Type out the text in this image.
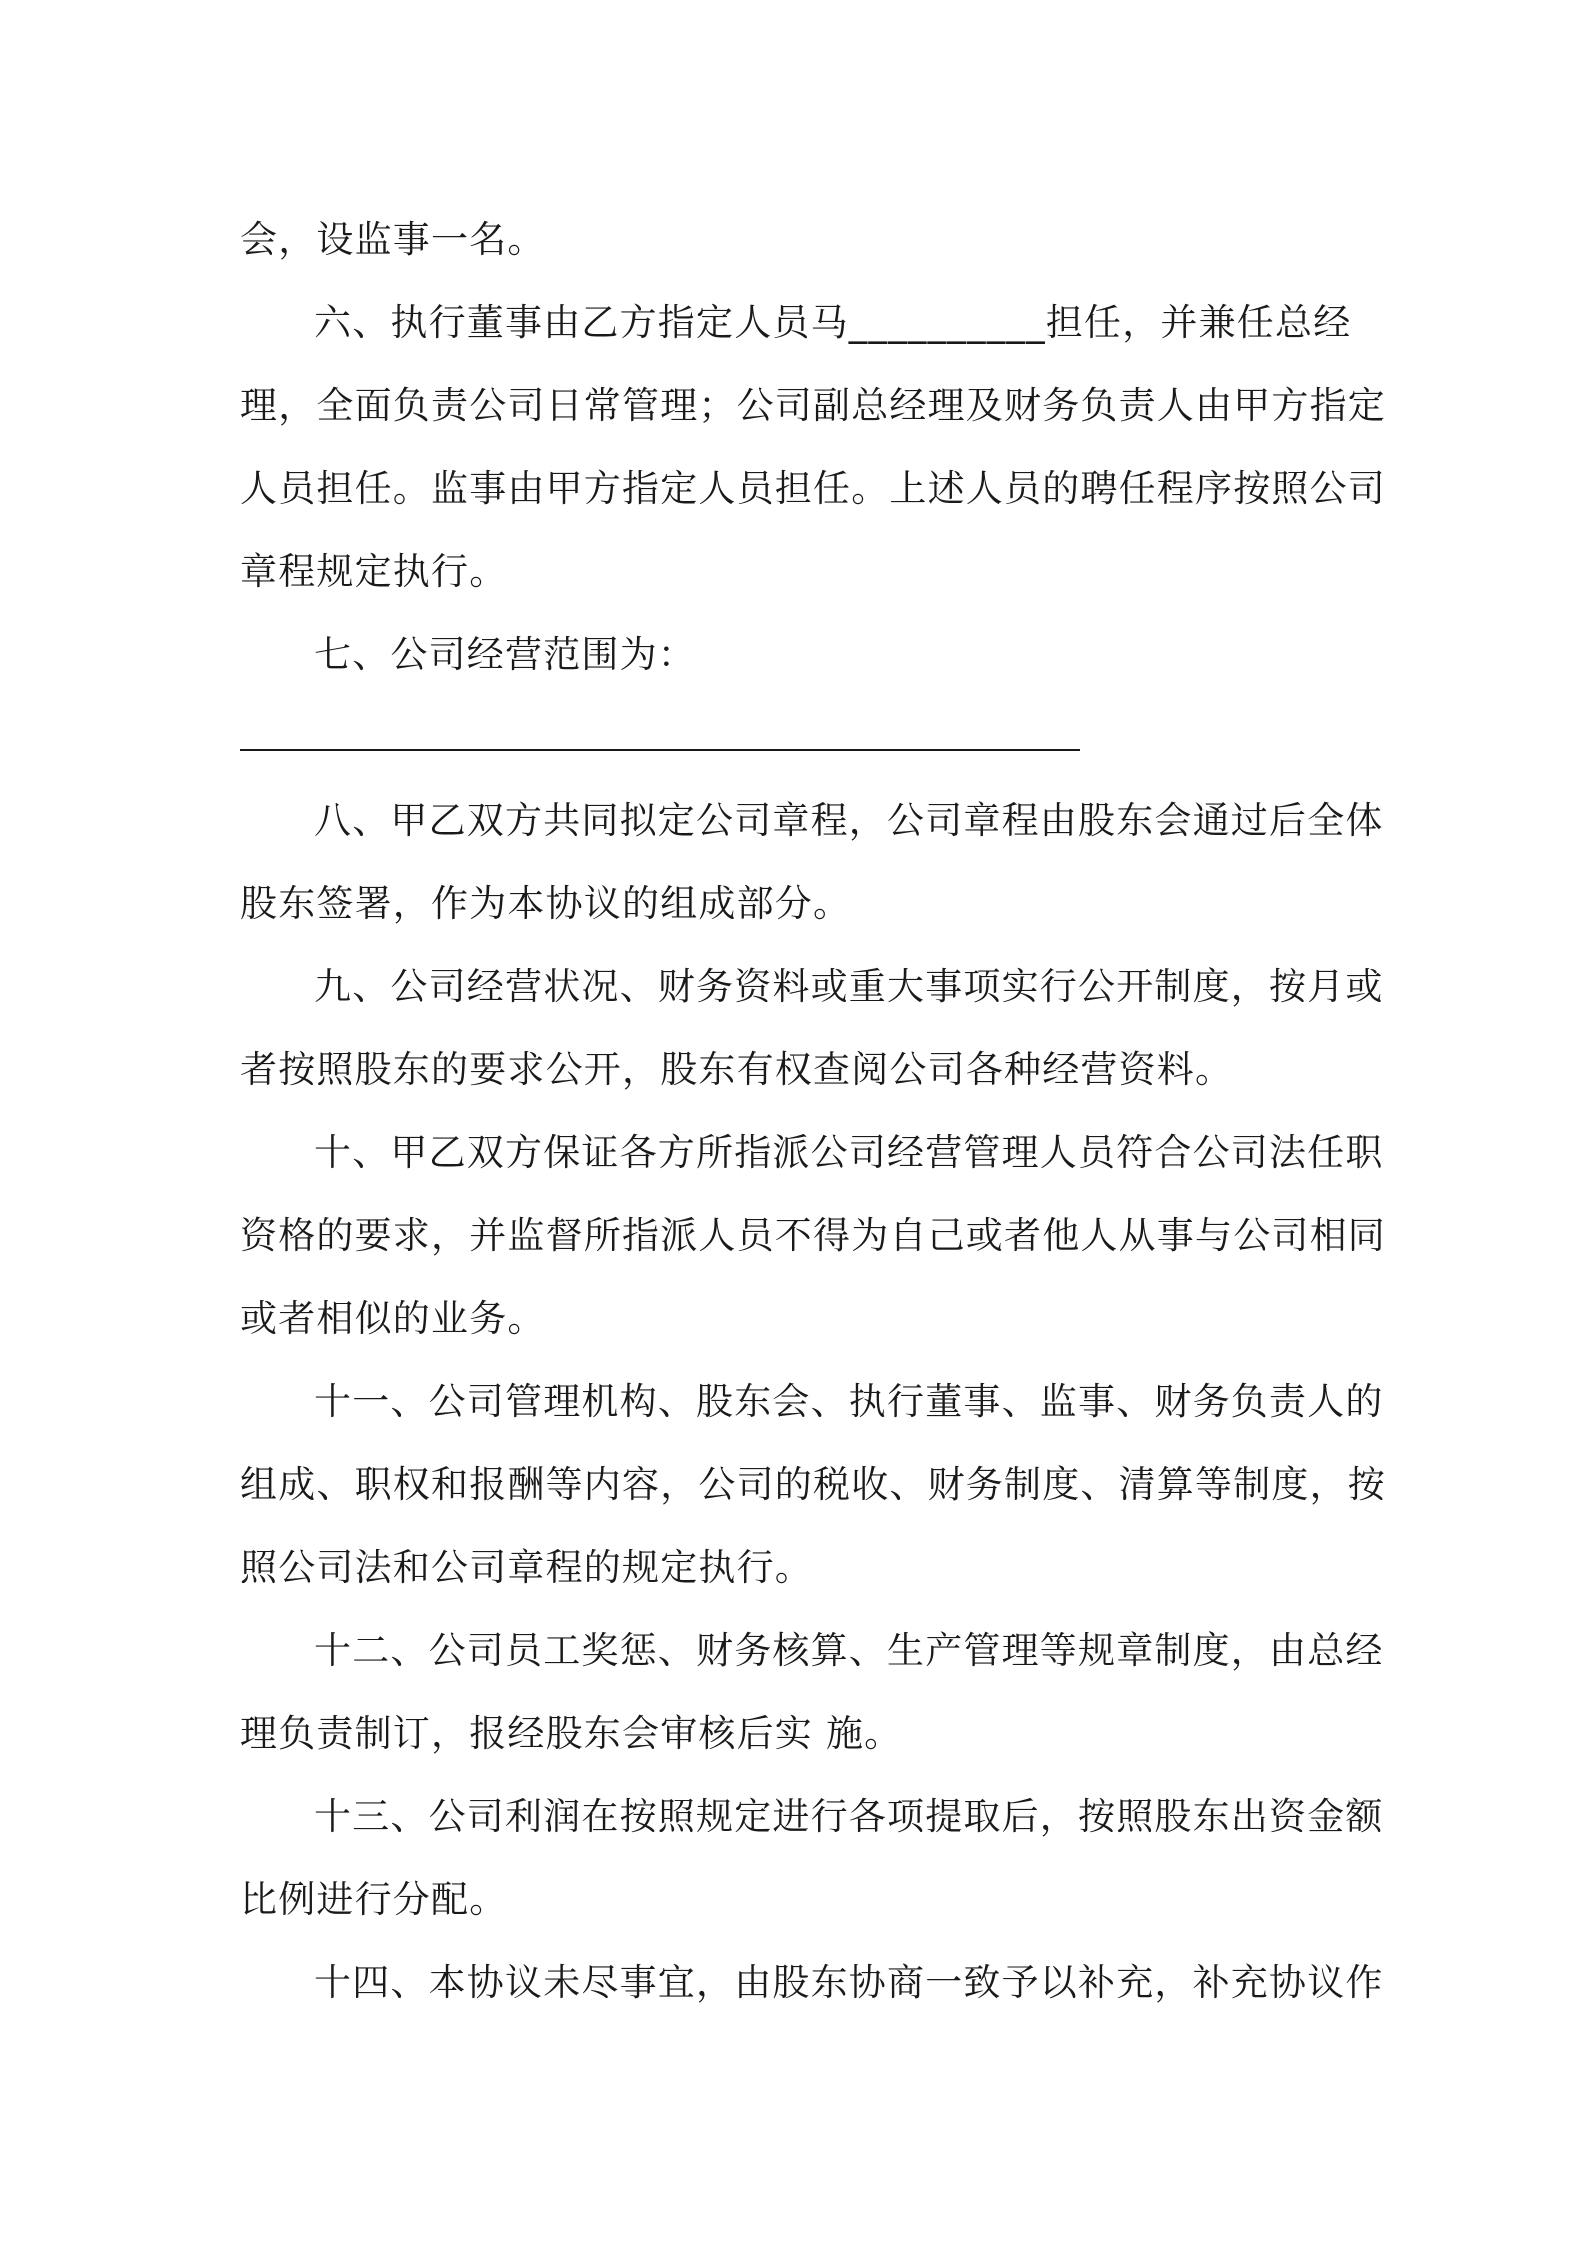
会，设监事一名。
六、执行董事由乙方指定人员马__________担任，并兼任总经
理，全面负责公司日常管理；公司副总经理及财务负责人由甲方指定
人员担任。监事由甲方指定人员担任。上述人员的聘任程序按照公司
章程规定执行。
七、公司经营范围为：
八、甲乙双方共同拟定公司章程，公司章程由股东会通过后全体
股东签署，作为本协议的组成部分。
九、公司经营状况、财务资料或重大事项实行公开制度，按月或
者按照股东的要求公开，股东有权查阅公司各种经营资料。
十、甲乙双方保证各方所指派公司经营管理人员符合公司法任职
资格的要求，并监督所指派人员不得为自己或者他人从事与公司相同
或者相似的业务。
十一、公司管理机构、股东会、执行董事、监事、财务负责人的
组成、职权和报酬等内容，公司的税收、财务制度、清算等制度，按
照公司法和公司章程的规定执行。
十二、公司员工奖惩、财务核算、生产管理等规章制度，由总经
理负责制订，报经股东会审核后实 施。
十三、公司利润在按照规定进行各项提取后，按照股东出资金额
比例进行分配。
十四、本协议未尽事宜，由股东协商一致予以补充，补充协议作
